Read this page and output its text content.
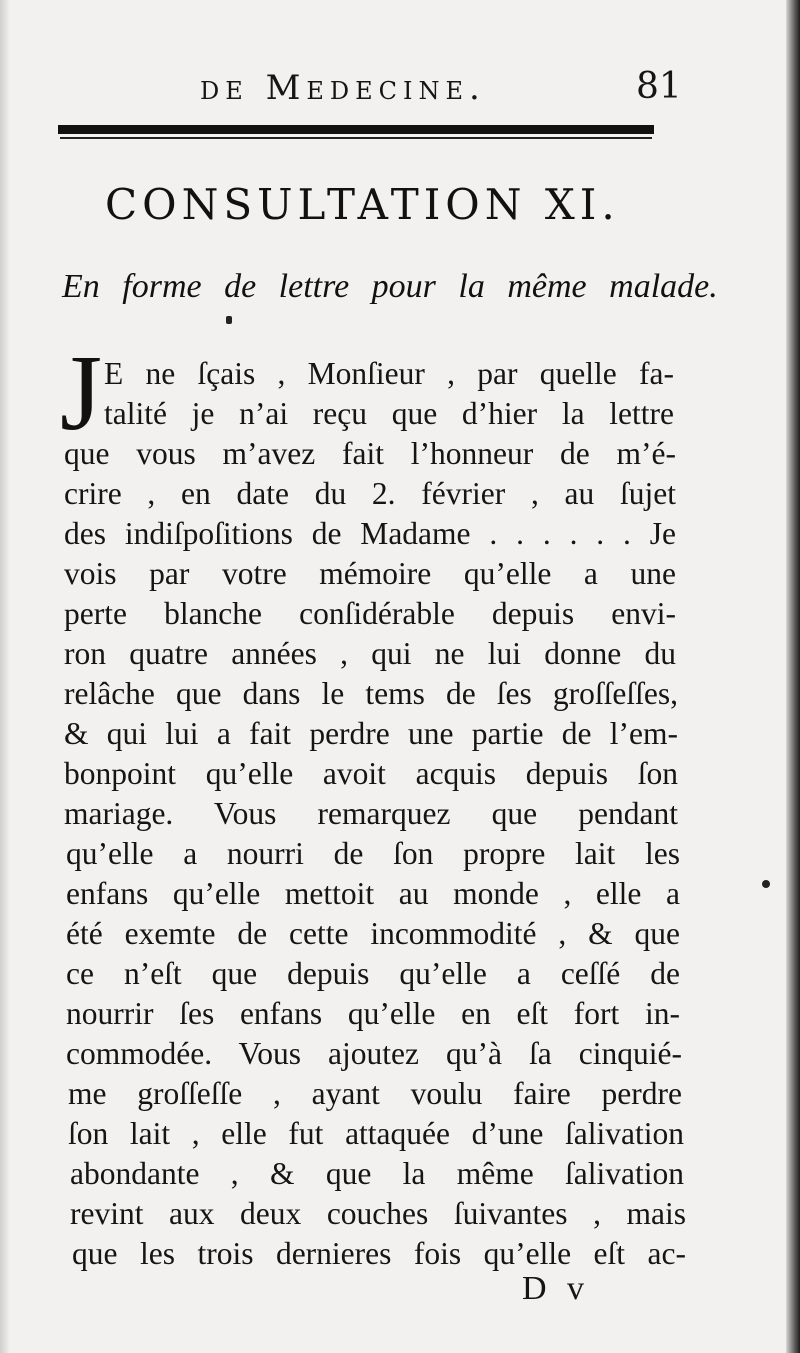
de Medecine.	81
CONSULTATION XI.
En forme de lettre pour la même malade.
J E ne ſçais , Monſieur , par quelle fa-
talité je n’ai reçu que d’hier la lettre
que vous m’avez fait l’honneur de m’é-
crire , en date du 2. février , au ſujet
des indiſpoſitions de Madame . . . . . . Je
vois par votre mémoire qu’elle a une
perte blanche conſidérable depuis envi-
ron quatre années , qui ne lui donne du
relâche que dans le tems de ſes groſſeſſes,
& qui lui a fait perdre une partie de l’em-
bonpoint qu’elle avoit acquis depuis ſon
mariage. Vous remarquez que pendant
qu’elle a nourri de ſon propre lait les
enfans qu’elle mettoit au monde , elle a
été exemte de cette incommodité , & que
ce n’eſt que depuis qu’elle a ceſſé de
nourrir ſes enfans qu’elle en eſt fort in-
commodée. Vous ajoutez qu’à ſa cinquié-
me groſſeſſe , ayant voulu faire perdre
ſon lait , elle fut attaquée d’une ſalivation
abondante , & que la même ſalivation
revint aux deux couches ſuivantes , mais
que les trois dernieres fois qu’elle eſt ac-
D v
